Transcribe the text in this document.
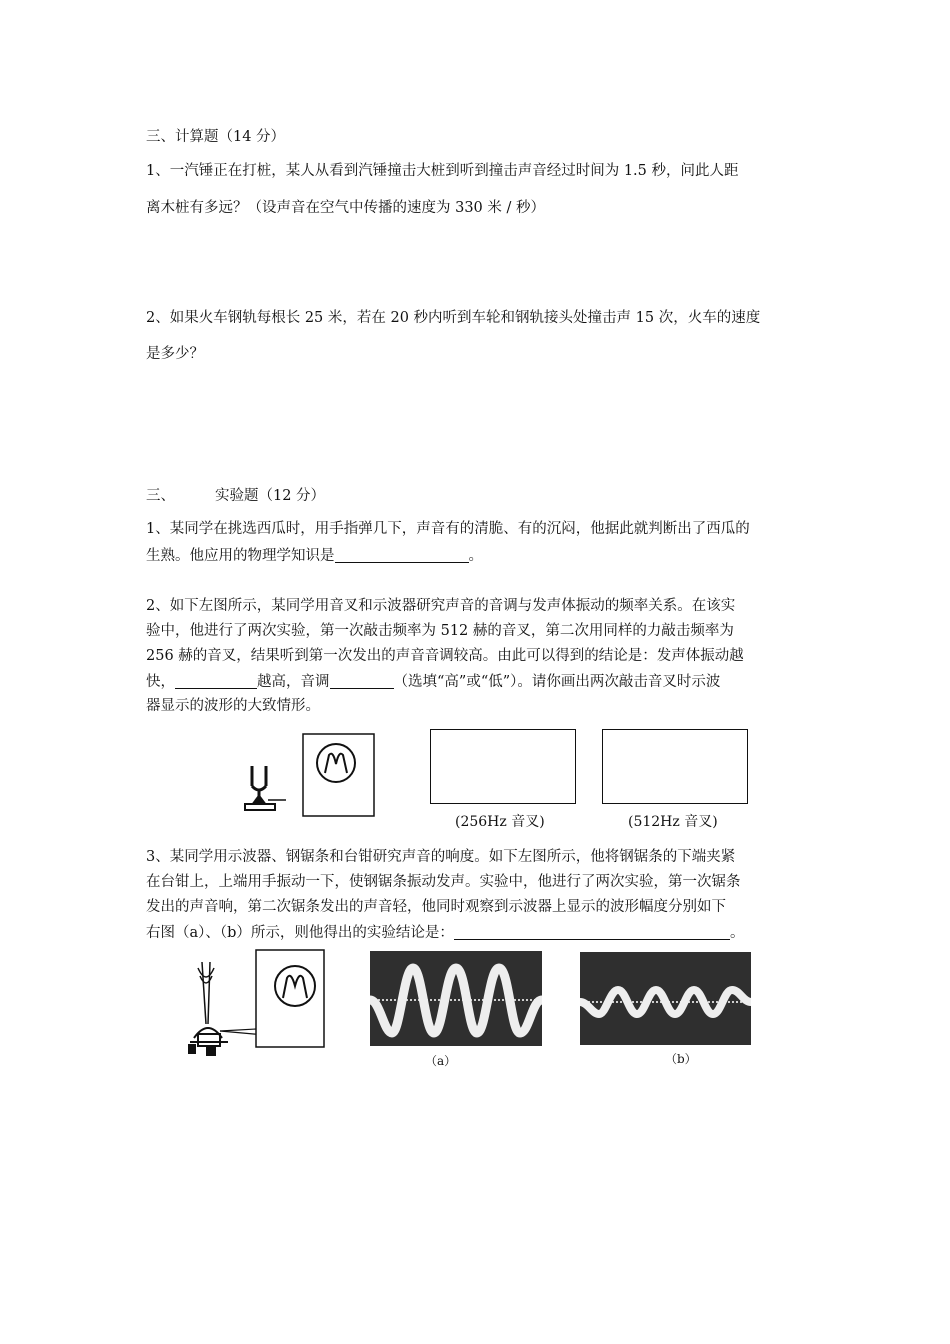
三、计算题（14 分）
1、一汽锤正在打桩，某人从看到汽锤撞击大桩到听到撞击声音经过时间为 1.5 秒，问此人距
离木桩有多远？（设声音在空气中传播的速度为 330 米 / 秒）
2、如果火车钢轨每根长 25 米，若在 20 秒内听到车轮和钢轨接头处撞击声 15 次，火车的速度
是多少？
三、	实验题（12 分）
1、某同学在挑选西瓜时，用手指弹几下，声音有的清脆、有的沉闷，他据此就判断出了西瓜的
生熟。他应用的物理学知识是	。
2、如下左图所示，某同学用音叉和示波器研究声音的音调与发声体振动的频率关系。在该实
验中，他进行了两次实验，第一次敲击频率为 512 赫的音叉，第二次用同样的力敲击频率为
256 赫的音叉，结果听到第一次发出的声音音调较高。由此可以得到的结论是：发声体振动越
快，	越高，音调	（选填“高”或“低”）。请你画出两次敲击音叉时示波
器显示的波形的大致情形。
(256Hz 音叉)	(512Hz 音叉)
3、某同学用示波器、钢锯条和台钳研究声音的响度。如下左图所示，他将钢锯条的下端夹紧
在台钳上，上端用手振动一下，使钢锯条振动发声。实验中，他进行了两次实验，第一次锯条
发出的声音响，第二次锯条发出的声音轻，他同时观察到示波器上显示的波形幅度分别如下
右图（a）、（b）所示，则他得出的实验结论是：	。
（a）	（b）
